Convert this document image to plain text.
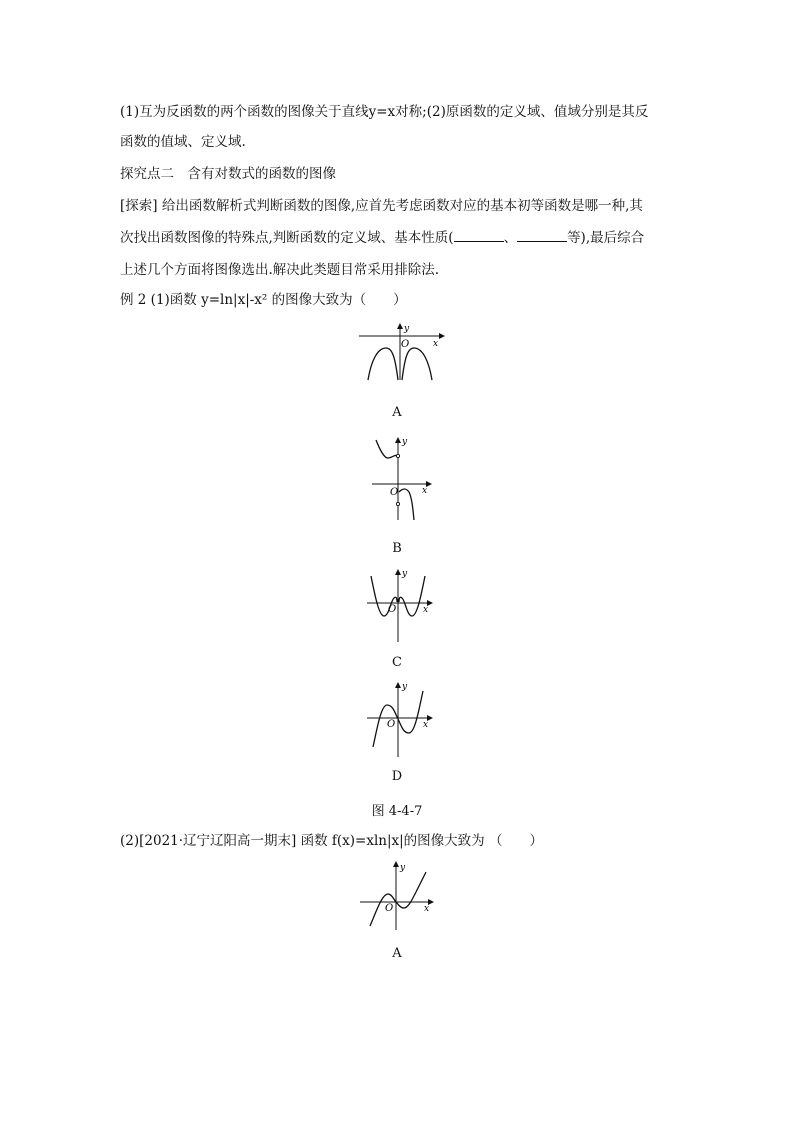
(1)互为反函数的两个函数的图像关于直线y=x对称;(2)原函数的定义域、值域分别是其反
函数的值域、定义域.
探究点二　含有对数式的函数的图像
[探索] 给出函数解析式判断函数的图像,应首先考虑函数对应的基本初等函数是哪一种,其
次找出函数图像的特殊点,判断函数的定义域、基本性质(	、	等),最后综合
上述几个方面将图像选出.解决此类题目常采用排除法.
例 2 (1)函数 y=ln|x|-x² 的图像大致为（　　）
x
y
O
A
x
y
O
B
x
y
O
C
x
y
O
D
图 4-4-7
(2)[2021·辽宁辽阳高一期末] 函数 f(x)=xln|x|的图像大致为 （　　）
x
y
O
A
